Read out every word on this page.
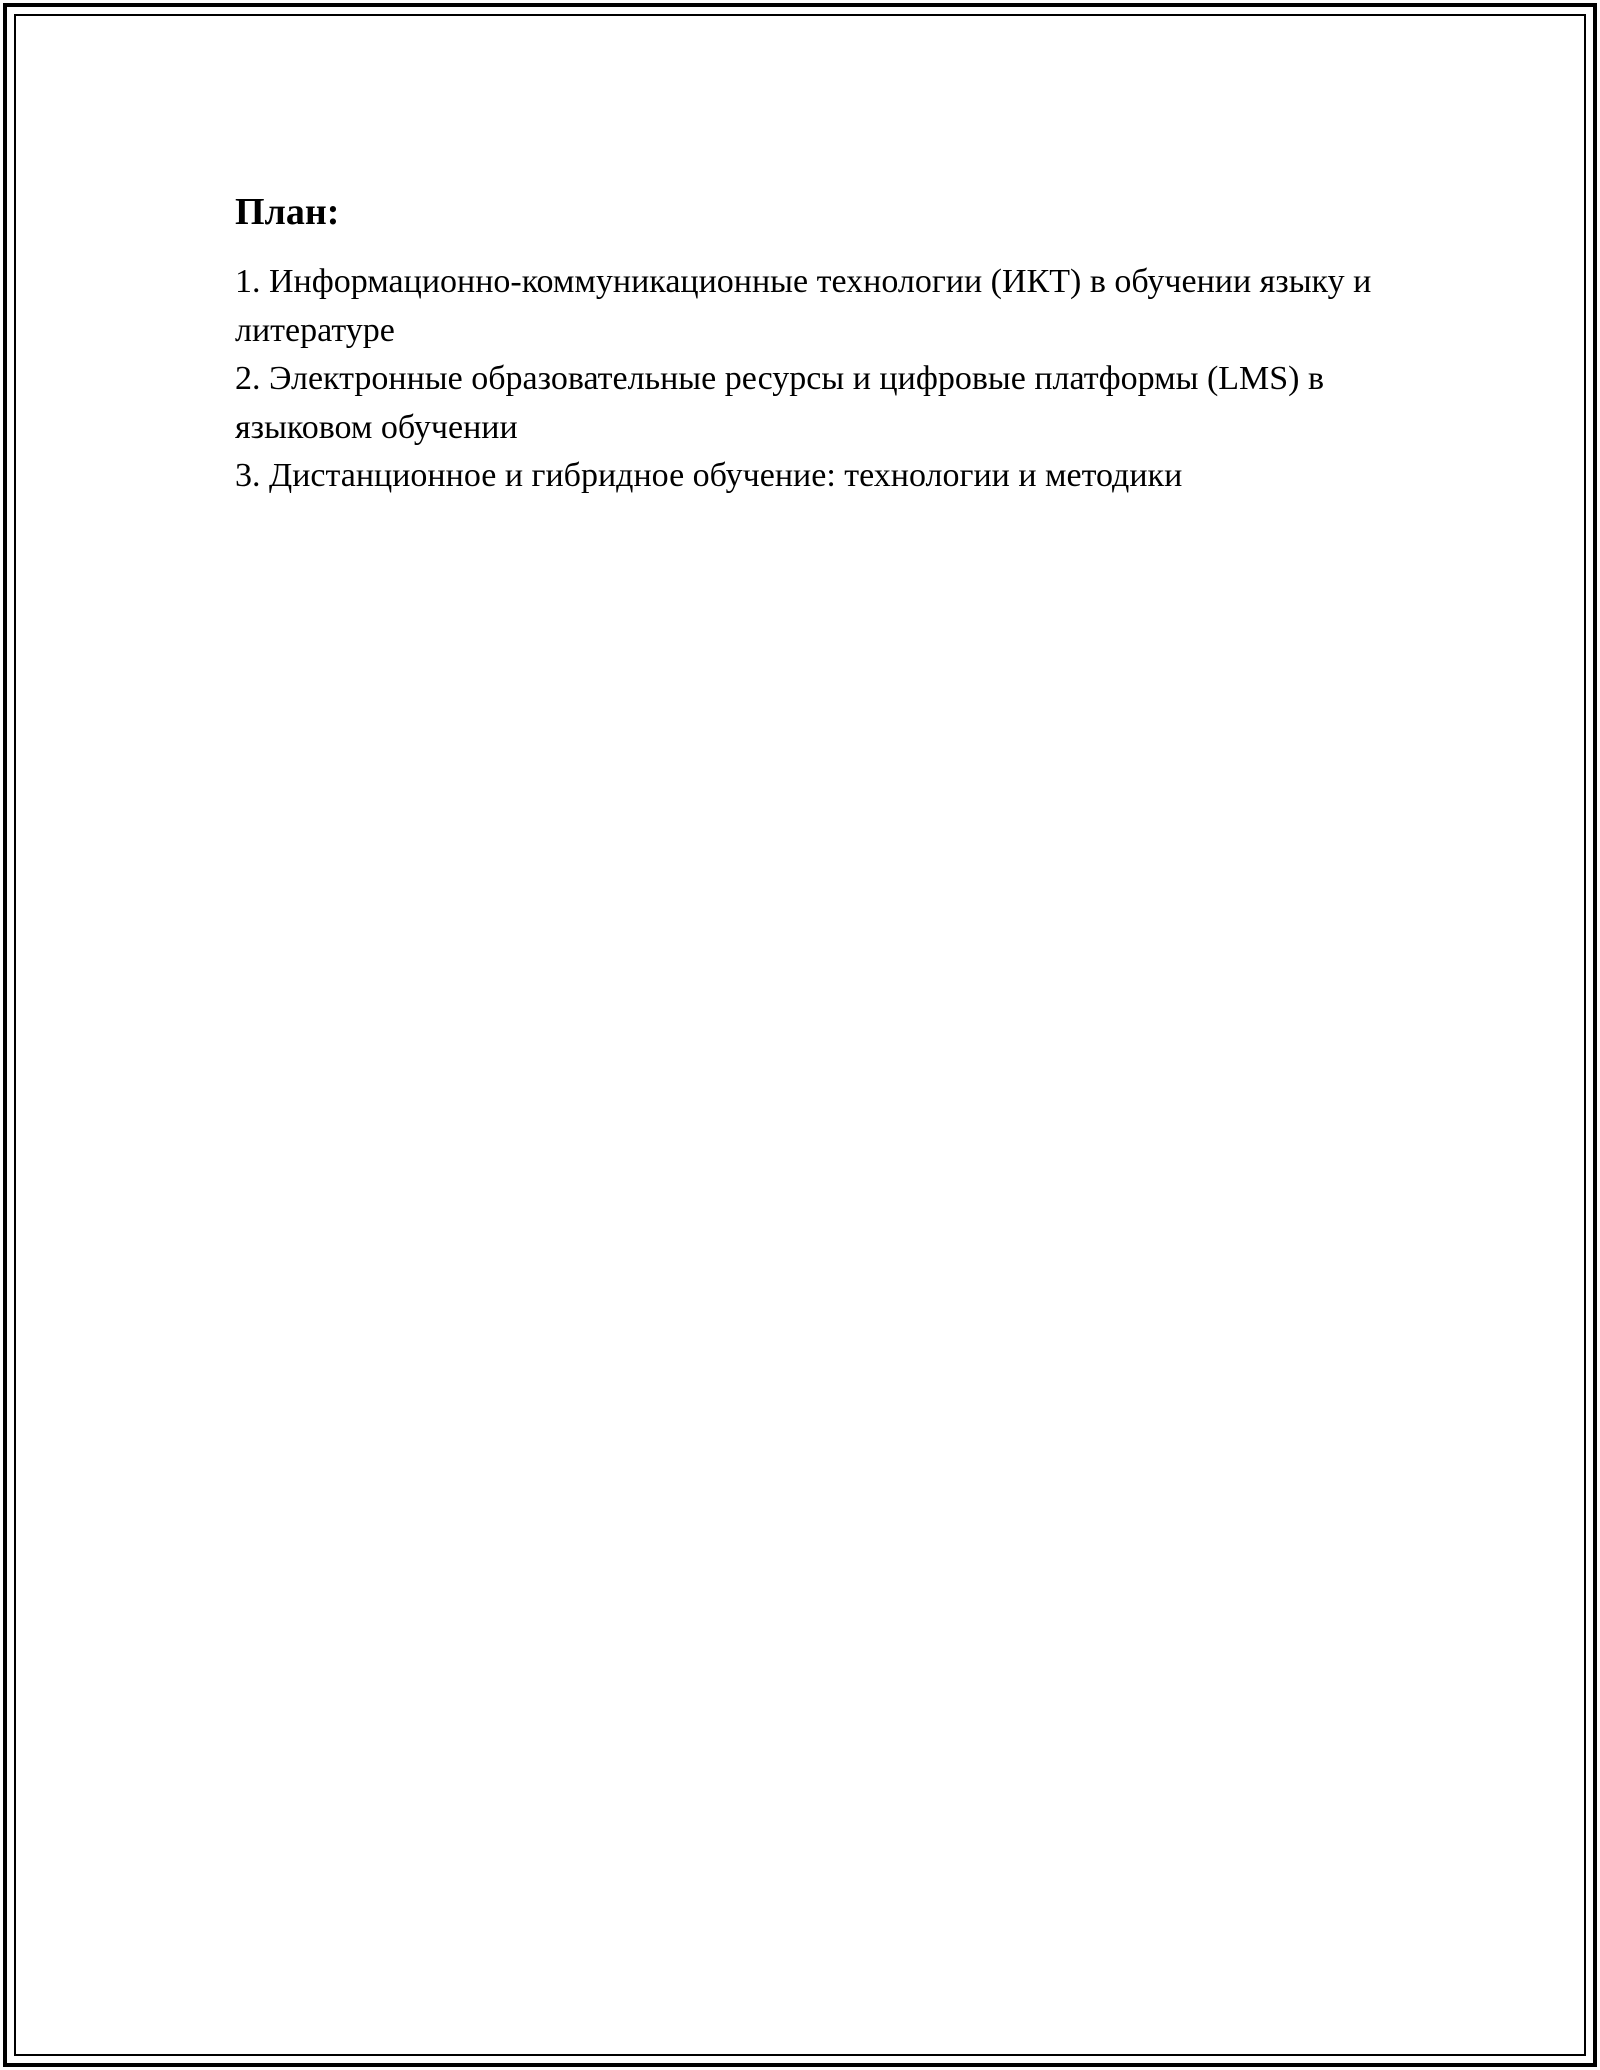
План:
1. Информационно-коммуникационные технологии (ИКТ) в обучении языку и литературе
2. Электронные образовательные ресурсы и цифровые платформы (LMS) в языковом обучении
3. Дистанционное и гибридное обучение: технологии и методики
